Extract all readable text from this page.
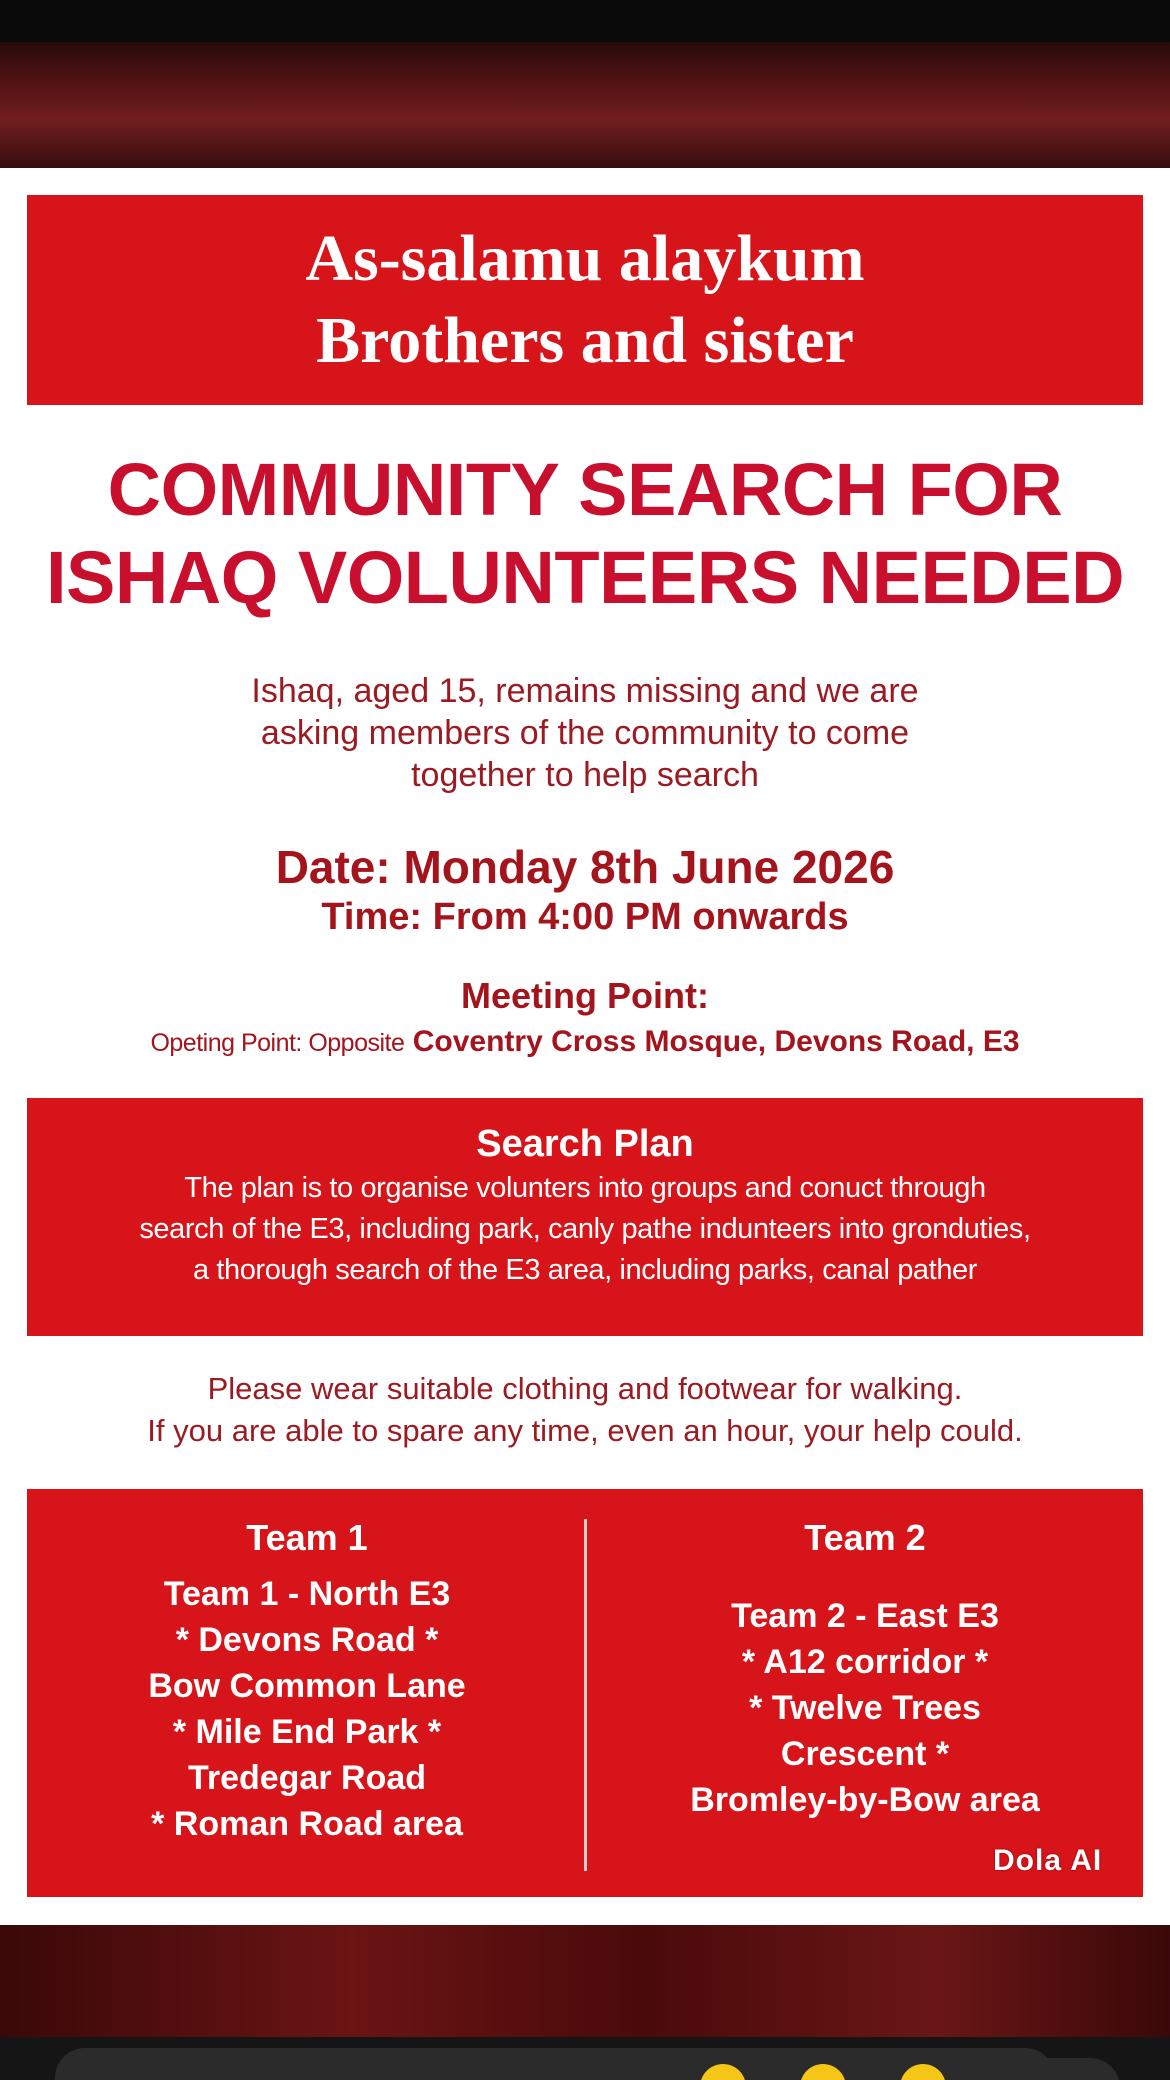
As-salamu alaykum
Brothers and sister
COMMUNITY SEARCH FOR
ISHAQ VOLUNTEERS NEEDED
Ishaq, aged 15, remains missing and we are
asking members of the community to come
together to help search
Date: Monday 8th June 2026
Time: From 4:00 PM onwards
Meeting Point:
Opeting Point: Opposite Coventry Cross Mosque, Devons Road, E3
Search Plan
The plan is to organise volunters into groups and conuct through
search of the E3, including park, canly pathe indunteers into gronduties,
a thorough search of the E3 area, including parks, canal pather
Please wear suitable clothing and footwear for walking.
If you are able to spare any time, even an hour, your help could.
Team 1
Team 1 - North E3
* Devons Road *
Bow Common Lane
* Mile End Park *
Tredegar Road
* Roman Road area
Team 2
Team 2 - East E3
* A12 corridor *
* Twelve Trees
Crescent *
Bromley-by-Bow area
Dola AI
